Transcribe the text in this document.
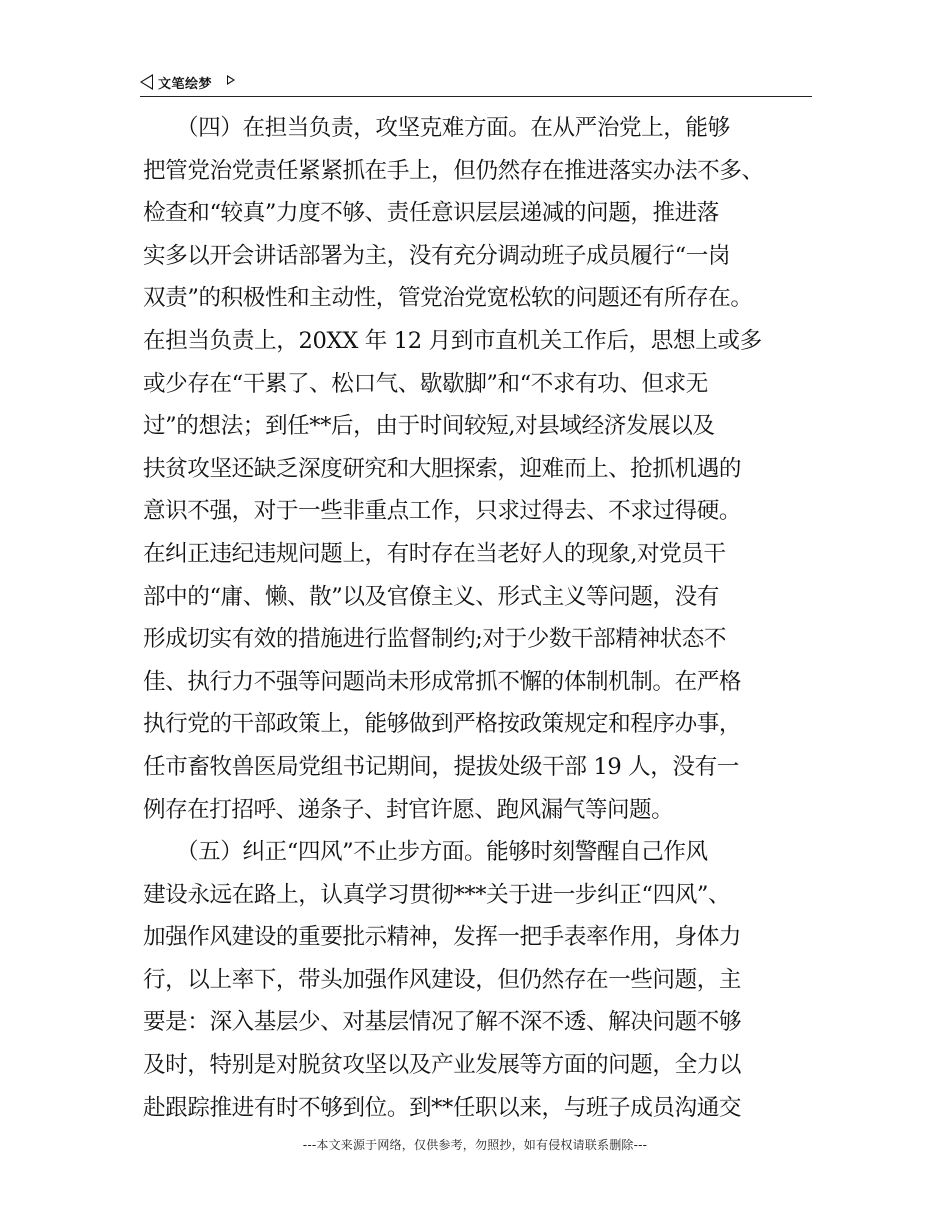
文笔绘梦
　　（四）在担当负责，攻坚克难方面。在从严治党上，能够
把管党治党责任紧紧抓在手上，但仍然存在推进落实办法不多、
检查和“较真”力度不够、责任意识层层递减的问题，推进落
实多以开会讲话部署为主，没有充分调动班子成员履行“一岗
双责”的积极性和主动性，管党治党宽松软的问题还有所存在。
在担当负责上，20XX 年 12 月到市直机关工作后，思想上或多
或少存在“干累了、松口气、歇歇脚”和“不求有功、但求无
过”的想法；到任**后，由于时间较短,对县域经济发展以及
扶贫攻坚还缺乏深度研究和大胆探索，迎难而上、抢抓机遇的
意识不强，对于一些非重点工作，只求过得去、不求过得硬。
在纠正违纪违规问题上，有时存在当老好人的现象,对党员干
部中的“庸、懒、散”以及官僚主义、形式主义等问题，没有
形成切实有效的措施进行监督制约;对于少数干部精神状态不
佳、执行力不强等问题尚未形成常抓不懈的体制机制。在严格
执行党的干部政策上，能够做到严格按政策规定和程序办事，
任市畜牧兽医局党组书记期间，提拔处级干部 19 人，没有一
例存在打招呼、递条子、封官许愿、跑风漏气等问题。
　　（五）纠正“四风”不止步方面。能够时刻警醒自己作风
建设永远在路上，认真学习贯彻***关于进一步纠正“四风”、
加强作风建设的重要批示精神，发挥一把手表率作用，身体力
行，以上率下，带头加强作风建设，但仍然存在一些问题，主
要是：深入基层少、对基层情况了解不深不透、解决问题不够
及时，特别是对脱贫攻坚以及产业发展等方面的问题，全力以
赴跟踪推进有时不够到位。到**任职以来，与班子成员沟通交
---本文来源于网络，仅供参考，勿照抄，如有侵权请联系删除---
